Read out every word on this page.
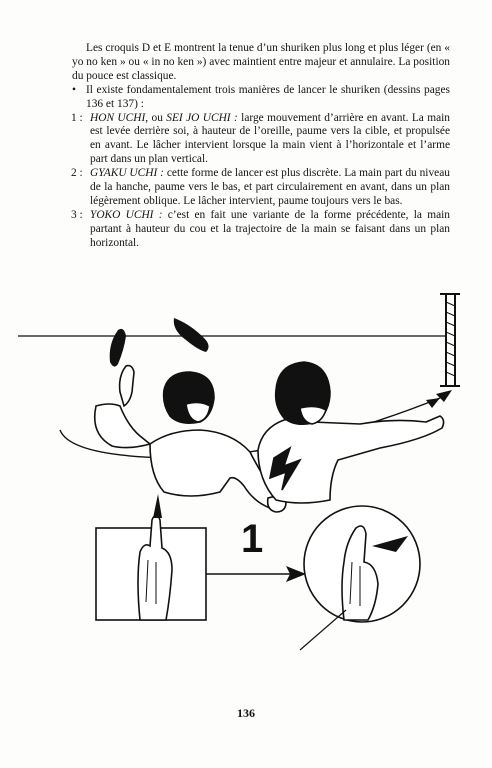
Les croquis D et E montrent la tenue d’un shuriken plus long et plus léger (en « yo no ken » ou « in no ken ») avec maintient entre majeur et annulaire. La position du pouce est classique.

• Il existe fondamentalement trois manières de lancer le shuriken (dessins pages 136 et 137) :

1 : HON UCHI, ou SEI JO UCHI : large mouvement d’arrière en avant. La main est levée derrière soi, à hauteur de l’oreille, paume vers la cible, et propulsée en avant. Le lâcher intervient lorsque la main vient à l’horizontale et l’arme part dans un plan vertical.

2 : GYAKU UCHI : cette forme de lancer est plus discrète. La main part du niveau de la hanche, paume vers le bas, et part circulairement en avant, dans un plan légèrement oblique. Le lâcher intervient, paume toujours vers le bas.

3 : YOKO UCHI : c’est en fait une variante de la forme précédente, la main partant à hauteur du cou et la trajectoire de la main se faisant dans un plan horizontal.

1
136
